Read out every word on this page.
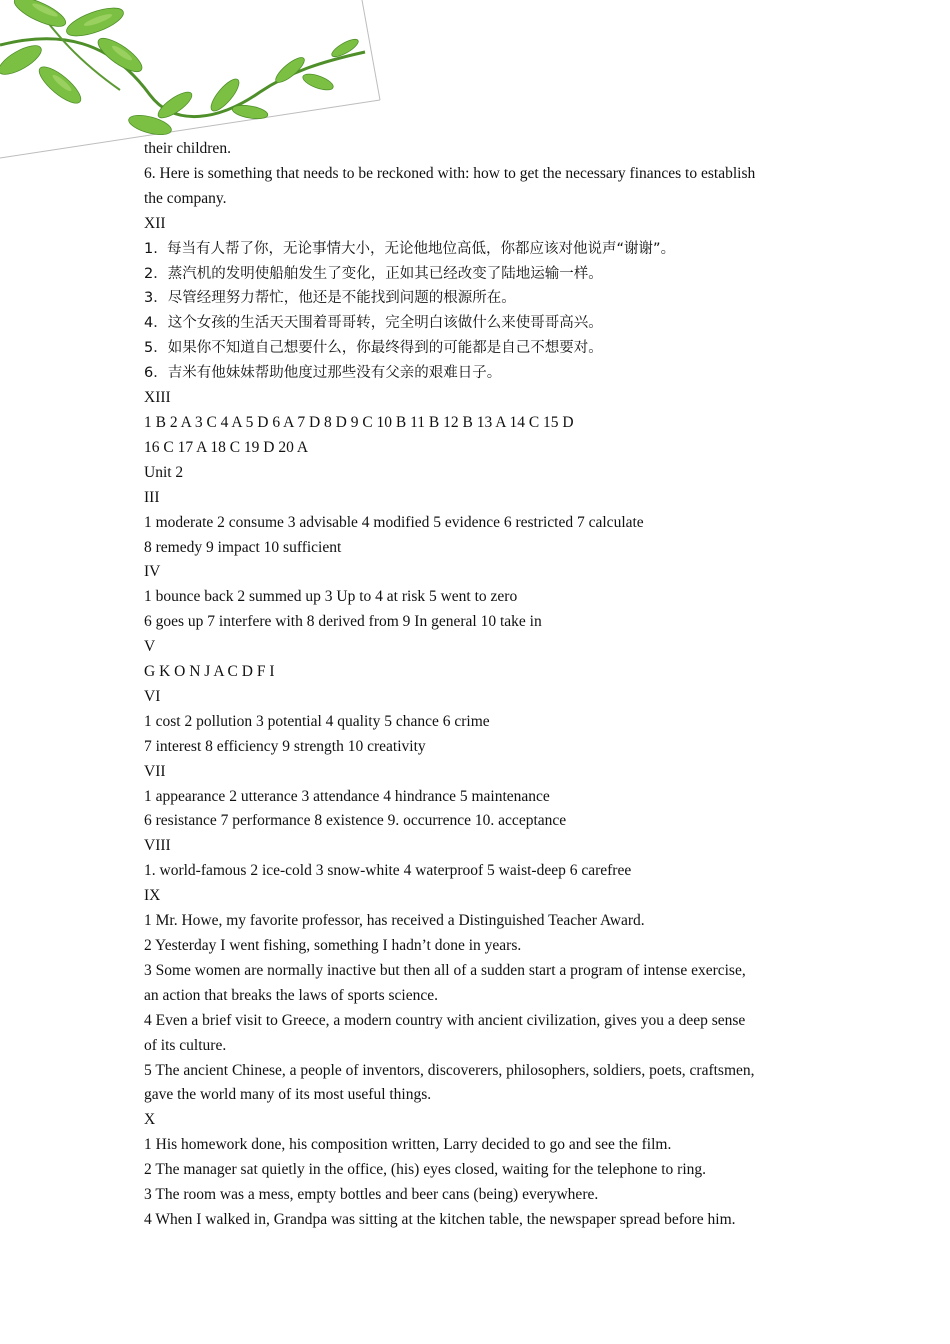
their children.
6. Here is something that needs to be reckoned with: how to get the necessary finances to establish
the company.
XII
1.  每当有人帮了你，无论事情大小，无论他地位高低，你都应该对他说声“谢谢”。
2．蒸汽机的发明使船舶发生了变化，正如其已经改变了陆地运输一样。
3．尽管经理努力帮忙，他还是不能找到问题的根源所在。
4．这个女孩的生活天天围着哥哥转，完全明白该做什么来使哥哥高兴。
5．如果你不知道自己想要什么，你最终得到的可能都是自己不想要对。
6．吉米有他妹妹帮助他度过那些没有父亲的艰难日子。
XIII
1 B 2 A 3 C 4 A 5 D 6 A 7 D 8 D 9 C 10 B 11 B 12 B 13 A 14 C 15 D
16 C 17 A 18 C 19 D 20 A
Unit 2
III
1 moderate 2 consume 3 advisable 4 modified 5 evidence 6 restricted 7 calculate
8 remedy 9 impact 10 sufficient
IV
1 bounce back 2 summed up 3 Up to 4 at risk 5 went to zero
6 goes up 7 interfere with 8 derived from 9 In general 10 take in
V
G K O N J A C D F I
VI
1 cost 2 pollution 3 potential 4 quality 5 chance 6 crime
7 interest 8 efficiency 9 strength 10 creativity
VII
1 appearance 2 utterance 3 attendance 4 hindrance 5 maintenance
6 resistance 7 performance 8 existence 9. occurrence 10. acceptance
VIII
1. world-famous 2 ice-cold 3 snow-white 4 waterproof 5 waist-deep 6 carefree
IX
1 Mr. Howe, my favorite professor, has received a Distinguished Teacher Award.
2 Yesterday I went fishing, something I hadn’t done in years.
3 Some women are normally inactive but then all of a sudden start a program of intense exercise,
an action that breaks the laws of sports science.
4 Even a brief visit to Greece, a modern country with ancient civilization, gives you a deep sense
of its culture.
5 The ancient Chinese, a people of inventors, discoverers, philosophers, soldiers, poets, craftsmen,
gave the world many of its most useful things.
X
1 His homework done, his composition written, Larry decided to go and see the film.
2 The manager sat quietly in the office, (his) eyes closed, waiting for the telephone to ring.
3 The room was a mess, empty bottles and beer cans (being) everywhere.
4 When I walked in, Grandpa was sitting at the kitchen table, the newspaper spread before him.
